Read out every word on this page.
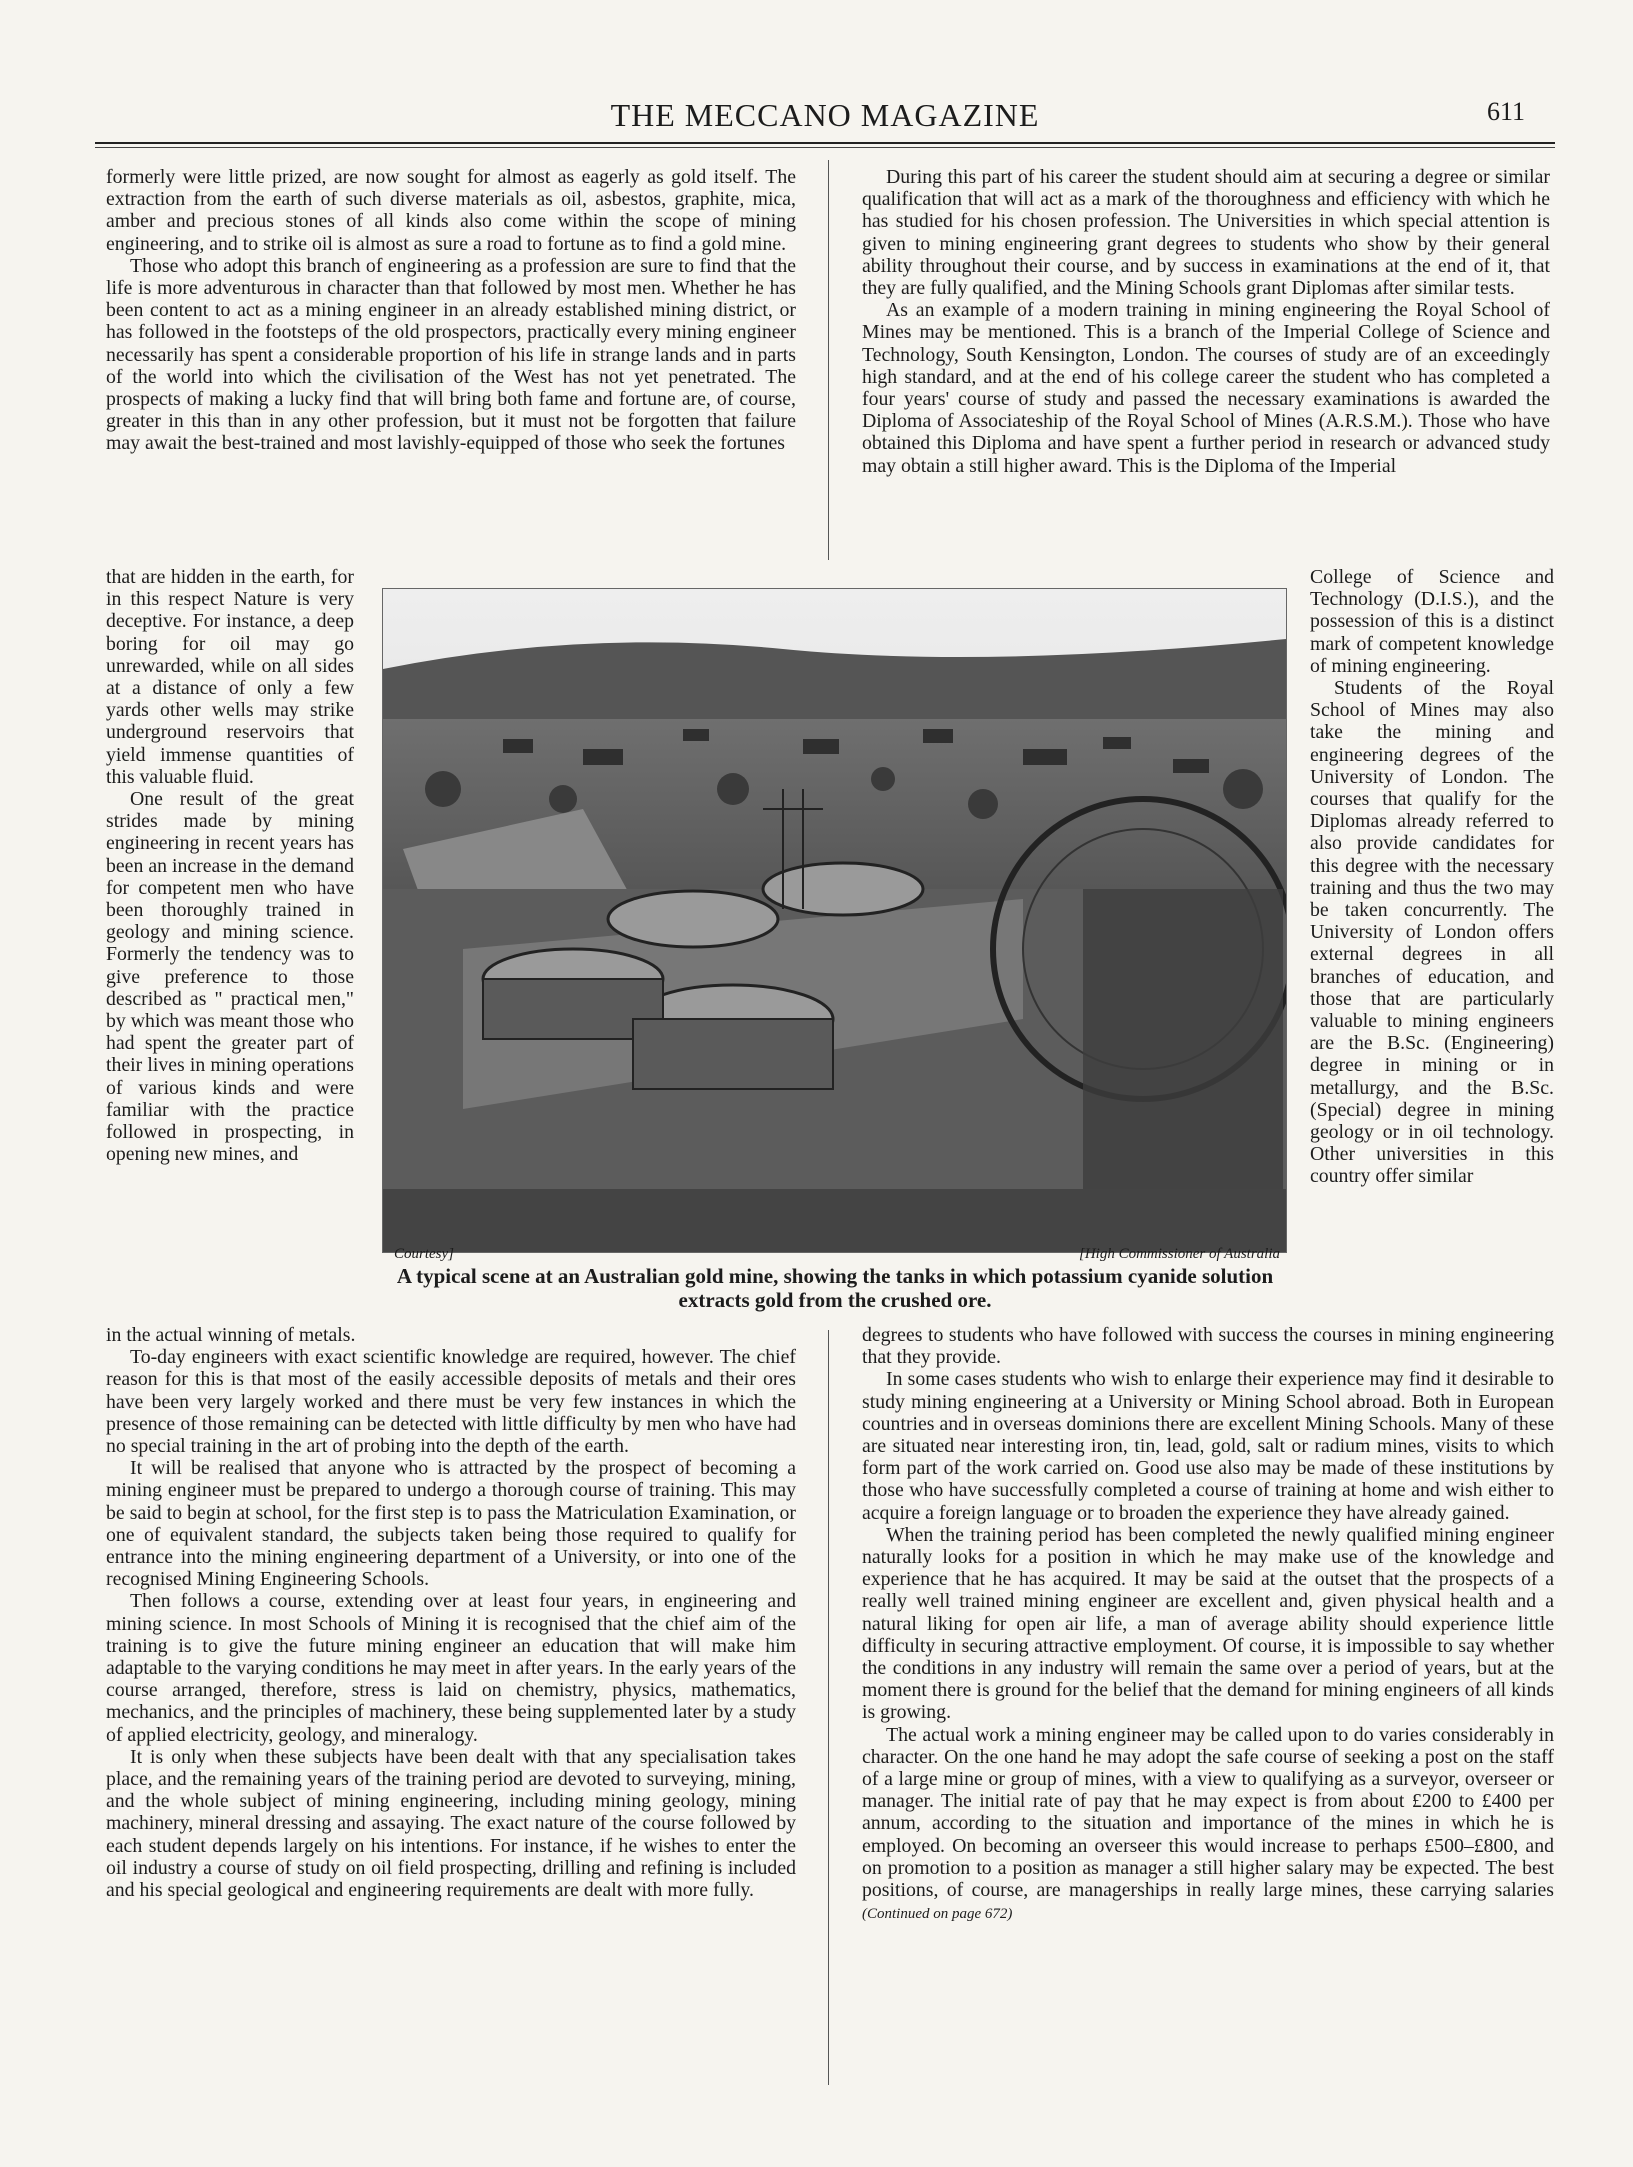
THE MECCANO MAGAZINE	611

formerly were little prized, are now sought for almost as eagerly as gold itself. The extraction from the earth of such diverse materials as oil, asbestos, graphite, mica, amber and precious stones of all kinds also come within the scope of mining engineering, and to strike oil is almost as sure a road to fortune as to find a gold mine.

Those who adopt this branch of engineering as a profession are sure to find that the life is more adventurous in character than that followed by most men. Whether he has been content to act as a mining engineer in an already established mining district, or has followed in the footsteps of the old prospectors, practically every mining engineer necessarily has spent a considerable proportion of his life in strange lands and in parts of the world into which the civilisation of the West has not yet penetrated. The prospects of making a lucky find that will bring both fame and fortune are, of course, greater in this than in any other profession, but it must not be forgotten that failure may await the best-trained and most lavishly-equipped of those who seek the fortunes

During this part of his career the student should aim at securing a degree or similar qualification that will act as a mark of the thoroughness and efficiency with which he has studied for his chosen profession. The Universities in which special attention is given to mining engineering grant degrees to students who show by their general ability throughout their course, and by success in examinations at the end of it, that they are fully qualified, and the Mining Schools grant Diplomas after similar tests.

As an example of a modern training in mining engineering the Royal School of Mines may be mentioned. This is a branch of the Imperial College of Science and Technology, South Kensington, London. The courses of study are of an exceedingly high standard, and at the end of his college career the student who has completed a four years' course of study and passed the necessary examinations is awarded the Diploma of Associateship of the Royal School of Mines (A.R.S.M.). Those who have obtained this Diploma and have spent a further period in research or advanced study may obtain a still higher award. This is the Diploma of the Imperial

that are hidden in the earth, for in this respect Nature is very deceptive. For instance, a deep boring for oil may go unrewarded, while on all sides at a distance of only a few yards other wells may strike underground reservoirs that yield immense quantities of this valuable fluid.

One result of the great strides made by mining engineering in recent years has been an increase in the demand for competent men who have been thoroughly trained in geology and mining science. Formerly the tendency was to give preference to those described as " practical men," by which was meant those who had spent the greater part of their lives in mining operations of various kinds and were familiar with the practice followed in prospecting, in opening new mines, and

College of Science and Technology (D.I.S.), and the possession of this is a distinct mark of competent knowledge of mining engineering.

Students of the Royal School of Mines may also take the mining and engineering degrees of the University of London. The courses that qualify for the Diplomas already referred to also provide candidates for this degree with the necessary training and thus the two may be taken concurrently. The University of London offers external degrees in all branches of education, and those that are particularly valuable to mining engineers are the B.Sc. (Engineering) degree in mining or in metallurgy, and the B.Sc. (Special) degree in mining geology or in oil technology. Other universities in this country offer similar

Courtesy]	[High Commissioner of Australia
A typical scene at an Australian gold mine, showing the tanks in which potassium cyanide solution extracts gold from the crushed ore.

in the actual winning of metals.

To-day engineers with exact scientific knowledge are required, however. The chief reason for this is that most of the easily accessible deposits of metals and their ores have been very largely worked and there must be very few instances in which the presence of those remaining can be detected with little difficulty by men who have had no special training in the art of probing into the depth of the earth.

It will be realised that anyone who is attracted by the prospect of becoming a mining engineer must be prepared to undergo a thorough course of training. This may be said to begin at school, for the first step is to pass the Matriculation Examination, or one of equivalent standard, the subjects taken being those required to qualify for entrance into the mining engineering department of a University, or into one of the recognised Mining Engineering Schools.

Then follows a course, extending over at least four years, in engineering and mining science. In most Schools of Mining it is recognised that the chief aim of the training is to give the future mining engineer an education that will make him adaptable to the varying conditions he may meet in after years. In the early years of the course arranged, therefore, stress is laid on chemistry, physics, mathematics, mechanics, and the principles of machinery, these being supplemented later by a study of applied electricity, geology, and mineralogy.

It is only when these subjects have been dealt with that any specialisation takes place, and the remaining years of the training period are devoted to surveying, mining, and the whole subject of mining engineering, including mining geology, mining machinery, mineral dressing and assaying. The exact nature of the course followed by each student depends largely on his intentions. For instance, if he wishes to enter the oil industry a course of study on oil field prospecting, drilling and refining is included and his special geological and engineering requirements are dealt with more fully.

degrees to students who have followed with success the courses in mining engineering that they provide.

In some cases students who wish to enlarge their experience may find it desirable to study mining engineering at a University or Mining School abroad. Both in European countries and in overseas dominions there are excellent Mining Schools. Many of these are situated near interesting iron, tin, lead, gold, salt or radium mines, visits to which form part of the work carried on. Good use also may be made of these institutions by those who have successfully completed a course of training at home and wish either to acquire a foreign language or to broaden the experience they have already gained.

When the training period has been completed the newly qualified mining engineer naturally looks for a position in which he may make use of the knowledge and experience that he has acquired. It may be said at the outset that the prospects of a really well trained mining engineer are excellent and, given physical health and a natural liking for open air life, a man of average ability should experience little difficulty in securing attractive employment. Of course, it is impossible to say whether the conditions in any industry will remain the same over a period of years, but at the moment there is ground for the belief that the demand for mining engineers of all kinds is growing.

The actual work a mining engineer may be called upon to do varies considerably in character. On the one hand he may adopt the safe course of seeking a post on the staff of a large mine or group of mines, with a view to qualifying as a surveyor, overseer or manager. The initial rate of pay that he may expect is from about £200 to £400 per annum, according to the situation and importance of the mines in which he is employed. On becoming an overseer this would increase to perhaps £500–£800, and on promotion to a position as manager a still higher salary may be expected. The best positions, of course, are managerships in really large mines, these carrying salaries (Continued on page 672)
